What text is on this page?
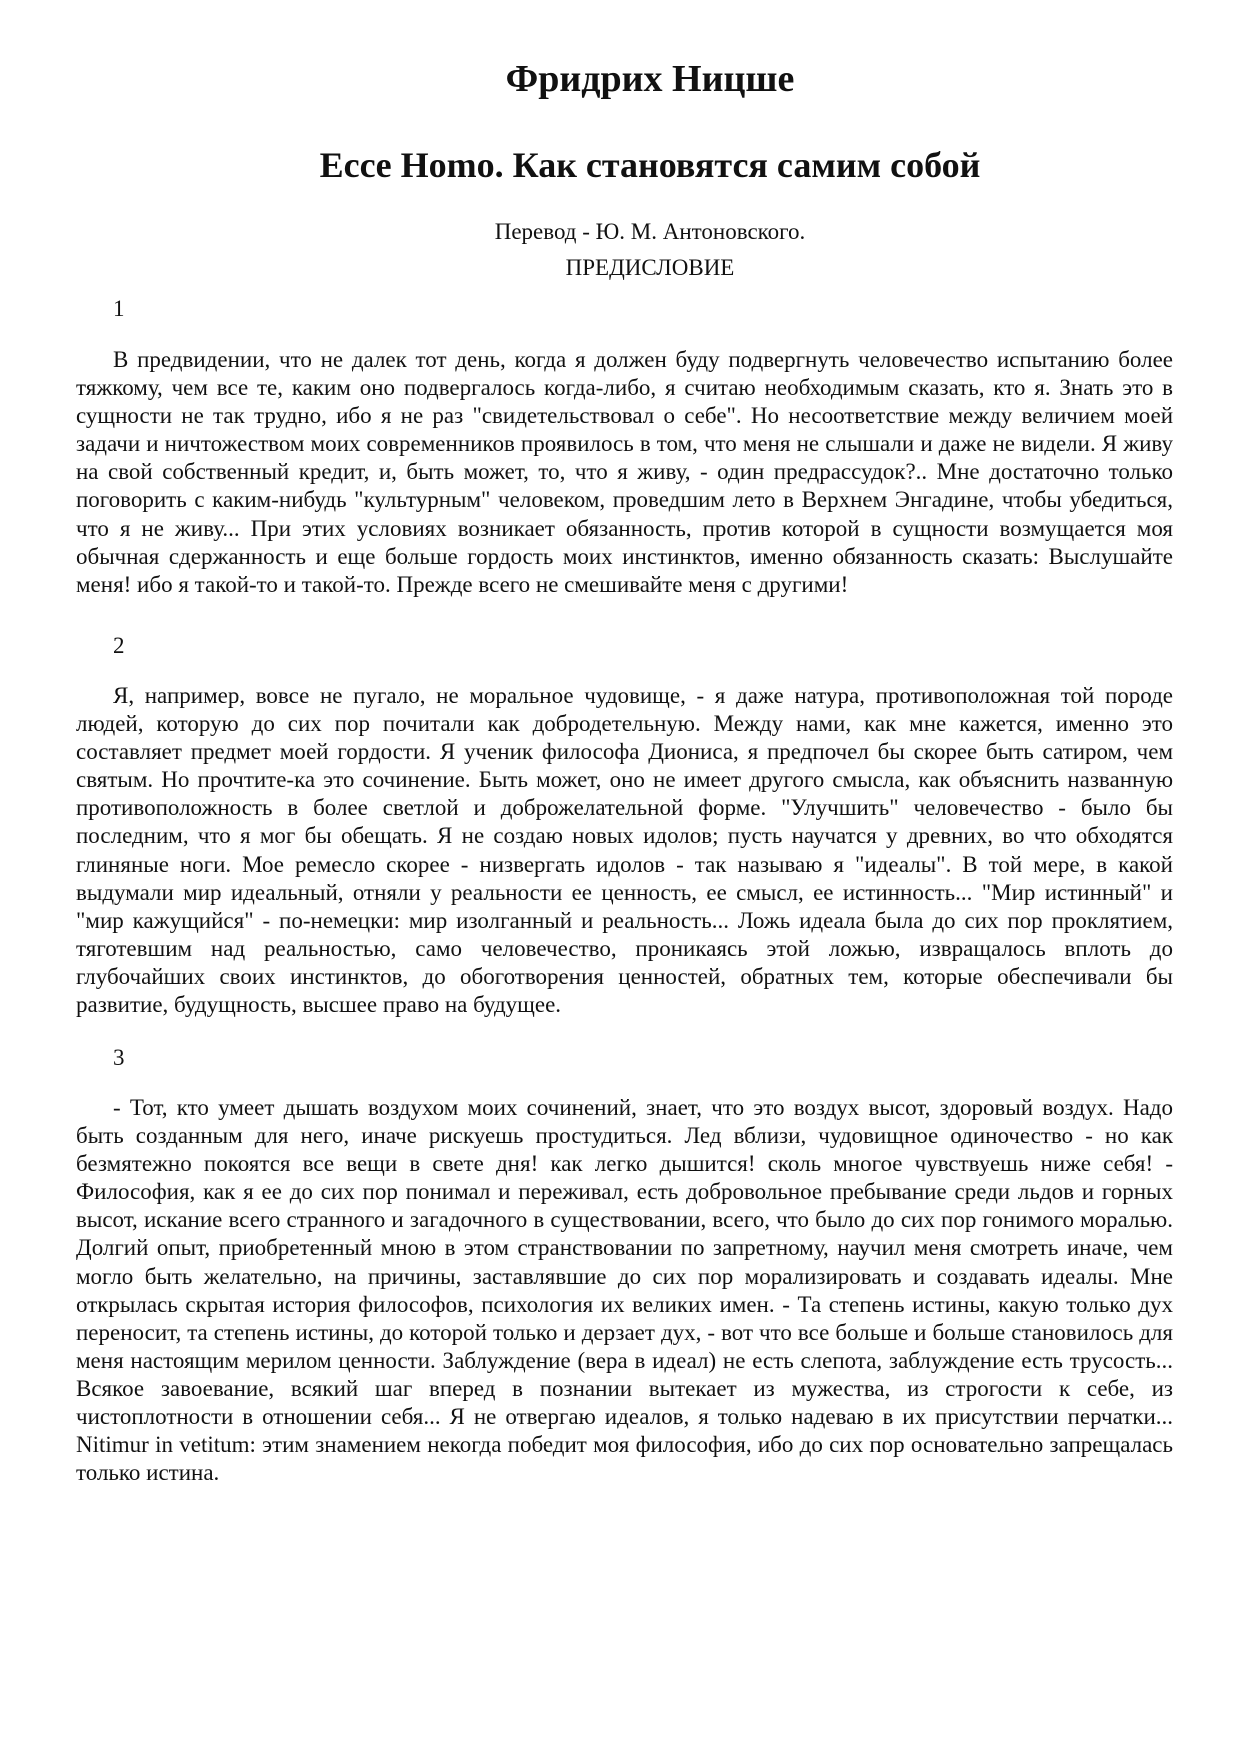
Фридрих Ницше
Ecce Homo. Как становятся самим собой
Перевод - Ю. М. Антоновского.
ПРЕДИСЛОВИЕ
1

В предвидении, что не далек тот день, когда я должен буду подвергнуть человечество испытанию более тяжкому, чем все те, каким оно подвергалось когда-либо, я считаю необходимым сказать, кто я. Знать это в сущности не так трудно, ибо я не раз "свидетельствовал о себе". Но несоответствие между величием моей задачи и ничтожеством моих современников проявилось в том, что меня не слышали и даже не видели. Я живу на свой собственный кредит, и, быть может, то, что я живу, - один предрассудок?.. Мне достаточно только поговорить с каким-нибудь "культурным" человеком, проведшим лето в Верхнем Энгадине, чтобы убедиться, что я не живу... При этих условиях возникает обязанность, против которой в сущности возмущается моя обычная сдержанность и еще больше гордость моих инстинктов, именно обязанность сказать: Выслушайте меня! ибо я такой-то и такой-то. Прежде всего не смешивайте меня с другими!

2

Я, например, вовсе не пугало, не моральное чудовище, - я даже натура, противоположная той породе людей, которую до сих пор почитали как добродетельную. Между нами, как мне кажется, именно это составляет предмет моей гордости. Я ученик философа Диониса, я предпочел бы скорее быть сатиром, чем святым. Но прочтите-ка это сочинение. Быть может, оно не имеет другого смысла, как объяснить названную противоположность в более светлой и доброжелательной форме. "Улучшить" человечество - было бы последним, что я мог бы обещать. Я не создаю новых идолов; пусть научатся у древних, во что обходятся глиняные ноги. Мое ремесло скорее - низвергать идолов - так называю я "идеалы". В той мере, в какой выдумали мир идеальный, отняли у реальности ее ценность, ее смысл, ее истинность... "Мир истинный" и "мир кажущийся" - по-немецки: мир изолганный и реальность... Ложь идеала была до сих пор проклятием, тяготевшим над реальностью, само человечество, проникаясь этой ложью, извращалось вплоть до глубочайших своих инстинктов, до обоготворения ценностей, обратных тем, которые обеспечивали бы развитие, будущность, высшее право на будущее.

3

- Тот, кто умеет дышать воздухом моих сочинений, знает, что это воздух высот, здоровый воздух. Надо быть созданным для него, иначе рискуешь простудиться. Лед вблизи, чудовищное одиночество - но как безмятежно покоятся все вещи в свете дня! как легко дышится! сколь многое чувствуешь ниже себя! - Философия, как я ее до сих пор понимал и переживал, есть добровольное пребывание среди льдов и горных высот, искание всего странного и загадочного в существовании, всего, что было до сих пор гонимого моралью. Долгий опыт, приобретенный мною в этом странствовании по запретному, научил меня смотреть иначе, чем могло быть желательно, на причины, заставлявшие до сих пор морализировать и создавать идеалы. Мне открылась скрытая история философов, психология их великих имен. - Та степень истины, какую только дух переносит, та степень истины, до которой только и дерзает дух, - вот что все больше и больше становилось для меня настоящим мерилом ценности. Заблуждение (вера в идеал) не есть слепота, заблуждение есть трусость... Всякое завоевание, всякий шаг вперед в познании вытекает из мужества, из строгости к себе, из чистоплотности в отношении себя... Я не отвергаю идеалов, я только надеваю в их присутствии перчатки... Nitimur in vetitum: этим знамением некогда победит моя философия, ибо до сих пор основательно запрещалась только истина.
